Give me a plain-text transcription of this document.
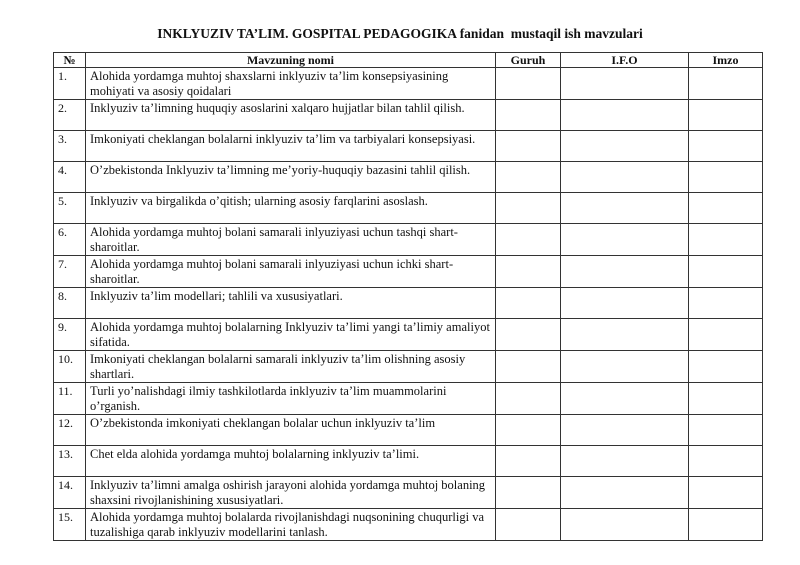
INKLYUZIV TA’LIM. GOSPITAL PEDAGOGIKA fanidan  mustaqil ish mavzulari
№	Mavzuning nomi	Guruh	I.F.O	Imzo
1.	Alohida yordamga muhtoj shaxslarni inklyuziv ta’lim konsepsiyasining mohiyati va asosiy qoidalari			
2.	Inklyuziv ta’limning huquqiy asoslarini xalqaro hujjatlar bilan tahlil qilish.			
3.	Imkoniyati cheklangan bolalarni inklyuziv ta’lim va tarbiyalari konsepsiyasi.			
4.	O’zbekistonda Inklyuziv ta’limning me’yoriy-huquqiy bazasini tahlil qilish.			
5.	Inklyuziv va birgalikda o’qitish; ularning asosiy farqlarini asoslash.			
6.	Alohida yordamga muhtoj bolani samarali inlyuziyasi uchun tashqi shart-sharoitlar.			
7.	Alohida yordamga muhtoj bolani samarali inlyuziyasi uchun ichki shart-sharoitlar.			
8.	Inklyuziv ta’lim modellari; tahlili va xususiyatlari.			
9.	Alohida yordamga muhtoj bolalarning Inklyuziv ta’limi yangi ta’limiy amaliyot sifatida.			
10.	Imkoniyati cheklangan bolalarni samarali inklyuziv ta’lim olishning asosiy shartlari.			
11.	Turli yo’nalishdagi ilmiy tashkilotlarda inklyuziv ta’lim muammolarini o’rganish.			
12.	O’zbekistonda imkoniyati cheklangan bolalar uchun inklyuziv ta’lim			
13.	Chet elda alohida yordamga muhtoj bolalarning inklyuziv ta’limi.			
14.	Inklyuziv ta’limni amalga oshirish jarayoni alohida yordamga muhtoj bolaning shaxsini rivojlanishining xususiyatlari.			
15.	Alohida yordamga muhtoj bolalarda rivojlanishdagi nuqsonining chuqurligi va tuzalishiga qarab inklyuziv modellarini tanlash.			
